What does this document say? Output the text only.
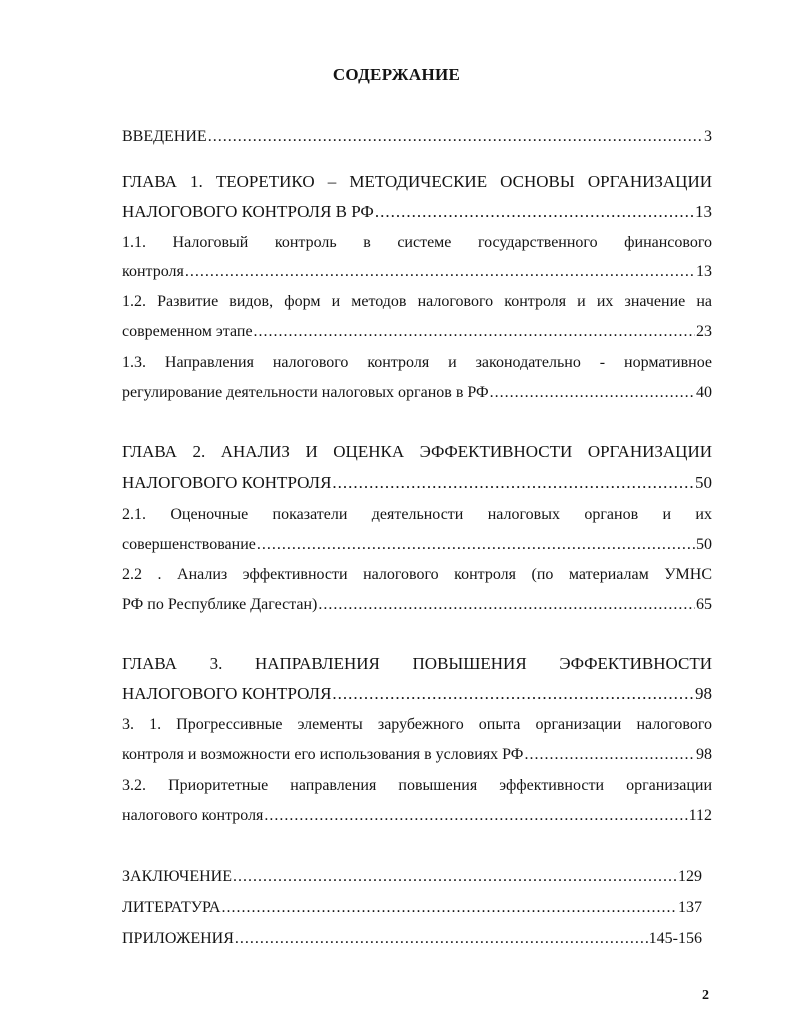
СОДЕРЖАНИЕ
ВВЕДЕНИЕ .....	3
ГЛАВА 1. ТЕОРЕТИКО – МЕТОДИЧЕСКИЕ ОСНОВЫ ОРГАНИЗАЦИИ
НАЛОГОВОГО КОНТРОЛЯ В РФ .....	13
1.1. Налоговый контроль в системе государственного финансового
контроля .....	13
1.2. Развитие видов, форм и методов налогового контроля и их значение на
современном этапе .....	23
1.3. Направления налогового контроля и законодательно - нормативное
регулирование деятельности налоговых органов в РФ .....	40
ГЛАВА 2. АНАЛИЗ И ОЦЕНКА ЭФФЕКТИВНОСТИ ОРГАНИЗАЦИИ
НАЛОГОВОГО КОНТРОЛЯ .....	50
2.1. Оценочные показатели деятельности налоговых органов и их
совершенствование .....	50
2.2 . Анализ эффективности налогового контроля (по материалам УМНС
РФ по Республике Дагестан) .....	65
ГЛАВА 3. НАПРАВЛЕНИЯ ПОВЫШЕНИЯ ЭФФЕКТИВНОСТИ
НАЛОГОВОГО КОНТРОЛЯ .....	98
3. 1. Прогрессивные элементы зарубежного опыта организации налогового
контроля и возможности его использования в условиях РФ .....	98
3.2. Приоритетные направления повышения эффективности организации
налогового контроля .....	112
ЗАКЛЮЧЕНИЕ .....	129
ЛИТЕРАТУРА .....	137
ПРИЛОЖЕНИЯ .....	145-156
2
